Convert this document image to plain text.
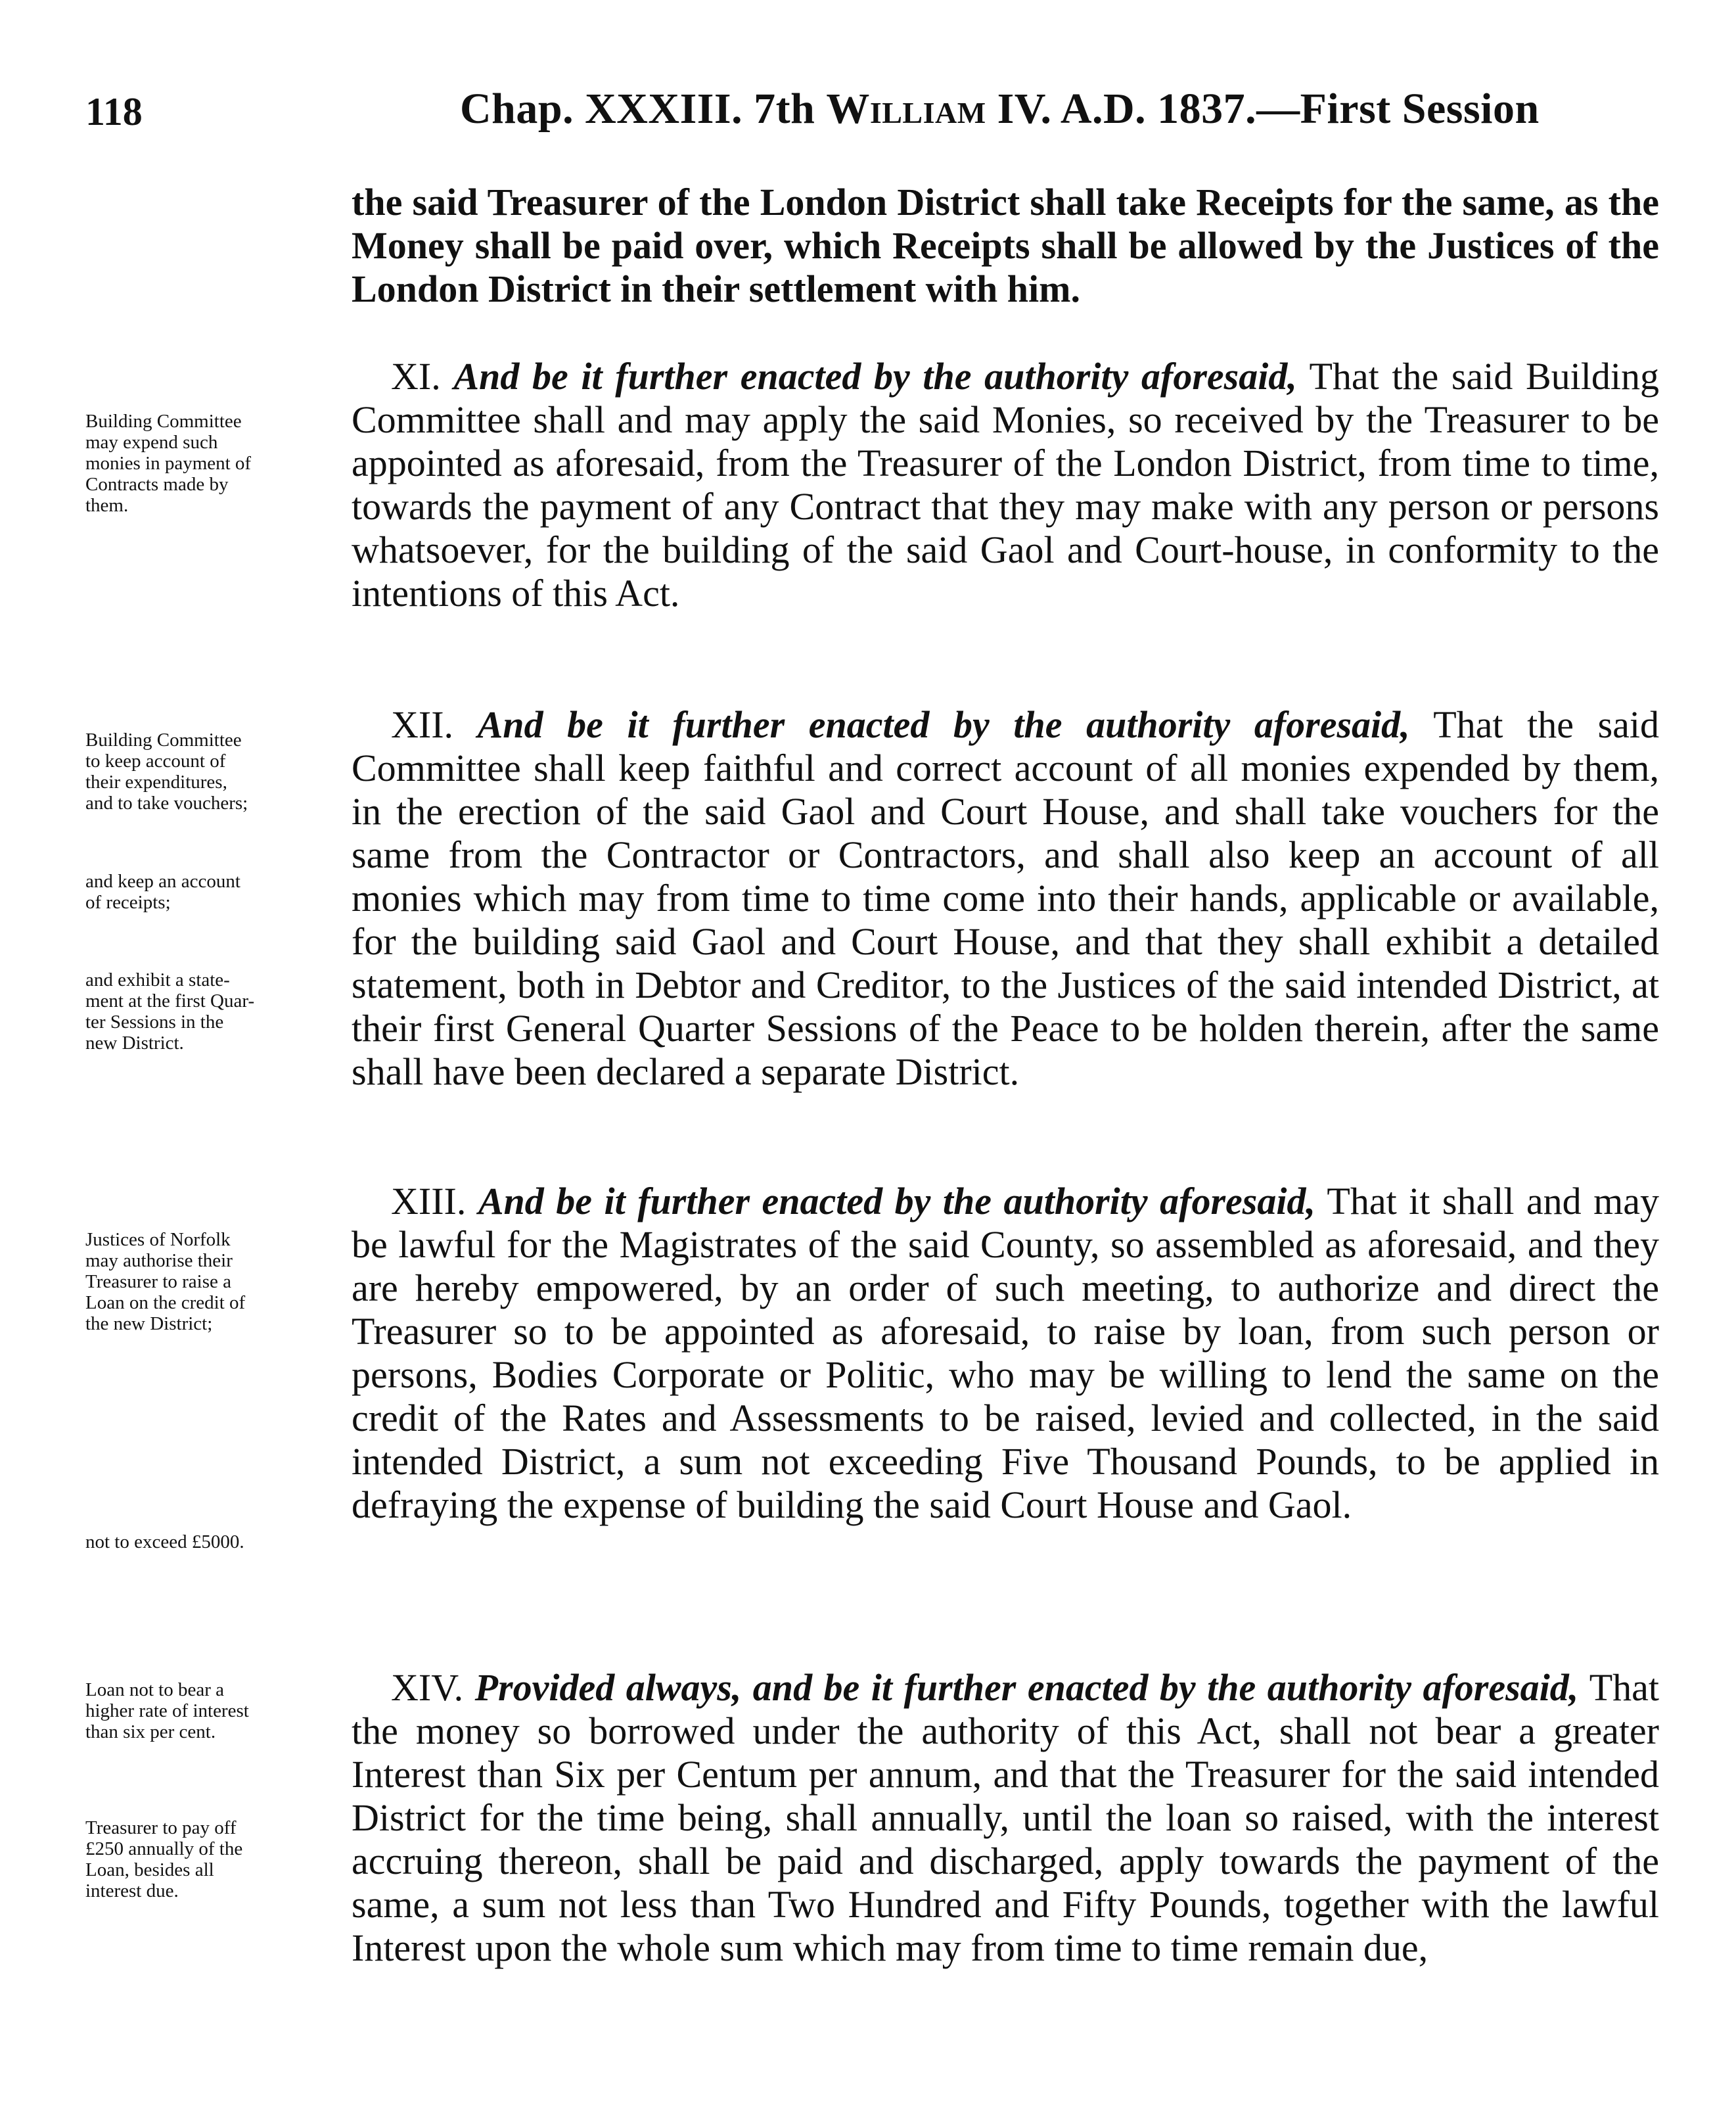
118	Chap. XXXIII. 7th William IV. A.D. 1837.—First Session

the said Treasurer of the London District shall take Receipts for the same, as the Money shall be paid over, which Receipts shall be allowed by the Justices of the London District in their settlement with him.

XI. And be it further enacted by the authority aforesaid, That the said Building Committee shall and may apply the said Monies, so received by the Treasurer to be appointed as aforesaid, from the Treasurer of the London District, from time to time, towards the payment of any Contract that they may make with any person or persons whatsoever, for the building of the said Gaol and Court-house, in conformity to the intentions of this Act.

XII. And be it further enacted by the authority aforesaid, That the said Committee shall keep faithful and correct account of all monies expended by them, in the erection of the said Gaol and Court House, and shall take vouchers for the same from the Contractor or Contractors, and shall also keep an account of all monies which may from time to time come into their hands, applicable or available, for the building said Gaol and Court House, and that they shall exhibit a detailed statement, both in Debtor and Creditor, to the Justices of the said intended District, at their first General Quarter Sessions of the Peace to be holden therein, after the same shall have been declared a separate District.

XIII. And be it further enacted by the authority aforesaid, That it shall and may be lawful for the Magistrates of the said County, so assembled as aforesaid, and they are hereby empowered, by an order of such meeting, to authorize and direct the Treasurer so to be appointed as aforesaid, to raise by loan, from such person or persons, Bodies Corporate or Politic, who may be willing to lend the same on the credit of the Rates and Assessments to be raised, levied and collected, in the said intended District, a sum not exceeding Five Thousand Pounds, to be applied in defraying the expense of building the said Court House and Gaol.

XIV. Provided always, and be it further enacted by the authority aforesaid, That the money so borrowed under the authority of this Act, shall not bear a greater Interest than Six per Centum per annum, and that the Treasurer for the said intended District for the time being, shall annually, until the loan so raised, with the interest accruing thereon, shall be paid and discharged, apply towards the payment of the same, a sum not less than Two Hundred and Fifty Pounds, together with the lawful Interest upon the whole sum which may from time to time remain due,

Building Committee
may expend such
monies in payment of
Contracts made by
them.
Building Committee
to keep account of
their expenditures,
and to take vouchers;
and keep an account
of receipts;
and exhibit a state-
ment at the first Quar-
ter Sessions in the
new District.
Justices of Norfolk
may authorise their
Treasurer to raise a
Loan on the credit of
the new District;
not to exceed £5000.
Loan not to bear a
higher rate of interest
than six per cent.
Treasurer to pay off
£250 annually of the
Loan, besides all
interest due.
